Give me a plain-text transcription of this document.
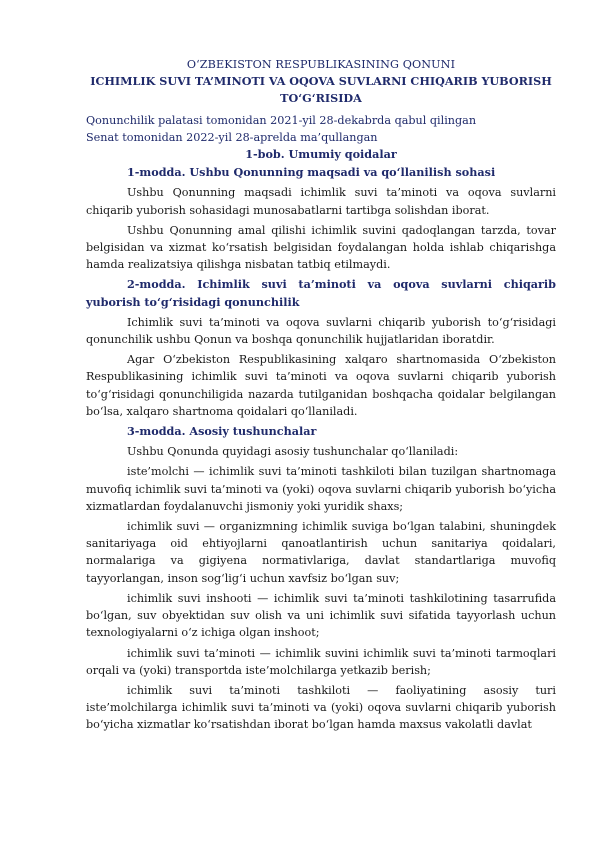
O‘ZBEKISTON RESPUBLIKASINING QONUNI

ICHIMLIK SUVI TA’MINOTI VA OQOVA SUVLARNI CHIQARIB YUBORISH TO‘G‘RISIDA

Qonunchilik palatasi tomonidan 2021-yil 28-dekabrda qabul qilingan

Senat tomonidan 2022-yil 28-aprelda ma’qullangan

1-bob. Umumiy qoidalar

1-modda. Ushbu Qonunning maqsadi va qo‘llanilish sohasi

Ushbu Qonunning maqsadi ichimlik suvi ta’minoti va oqova suvlarni chiqarib yuborish sohasidagi munosabatlarni tartibga solishdan iborat.

Ushbu Qonunning amal qilishi ichimlik suvini qadoqlangan tarzda, tovar belgisidan va xizmat ko‘rsatish belgisidan foydalangan holda ishlab chiqarishga hamda realizatsiya qilishga nisbatan tatbiq etilmaydi.

2-modda. Ichimlik suvi ta’minoti va oqova suvlarni chiqarib yuborish to‘g‘risidagi qonunchilik

Ichimlik suvi ta’minoti va oqova suvlarni chiqarib yuborish to‘g‘risidagi qonunchilik ushbu Qonun va boshqa qonunchilik hujjatlaridan iboratdir.

Agar O‘zbekiston Respublikasining xalqaro shartnomasida O‘zbekiston Respublikasining ichimlik suvi ta’minoti va oqova suvlarni chiqarib yuborish to‘g‘risidagi qonunchiligida nazarda tutilganidan boshqacha qoidalar belgilangan bo‘lsa, xalqaro shartnoma qoidalari qo‘llaniladi.

3-modda. Asosiy tushunchalar

Ushbu Qonunda quyidagi asosiy tushunchalar qo‘llaniladi:

iste’molchi — ichimlik suvi ta’minoti tashkiloti bilan tuzilgan shartnomaga muvofiq ichimlik suvi ta’minoti va (yoki) oqova suvlarni chiqarib yuborish bo‘yicha xizmatlardan foydalanuvchi jismoniy yoki yuridik shaxs;

ichimlik suvi — organizmning ichimlik suviga bo‘lgan talabini, shuningdek sanitariyaga oid ehtiyojlarni qanoatlantirish uchun sanitariya qoidalari, normalariga va gigiyena normativlariga, davlat standartlariga muvofiq tayyorlangan, inson sog‘lig‘i uchun xavfsiz bo‘lgan suv;

ichimlik suvi inshooti — ichimlik suvi ta’minoti tashkilotining tasarrufida bo‘lgan, suv obyektidan suv olish va uni ichimlik suvi sifatida tayyorlash uchun texnologiyalarni o‘z ichiga olgan inshoot;

ichimlik suvi ta’minoti — ichimlik suvini ichimlik suvi ta’minoti tarmoqlari orqali va (yoki) transportda iste’molchilarga yetkazib berish;

ichimlik suvi ta’minoti tashkiloti — faoliyatining asosiy turi iste’molchilarga ichimlik suvi ta’minoti va (yoki) oqova suvlarni chiqarib yuborish bo‘yicha xizmatlar ko‘rsatishdan iborat bo‘lgan hamda maxsus vakolatli davlat
